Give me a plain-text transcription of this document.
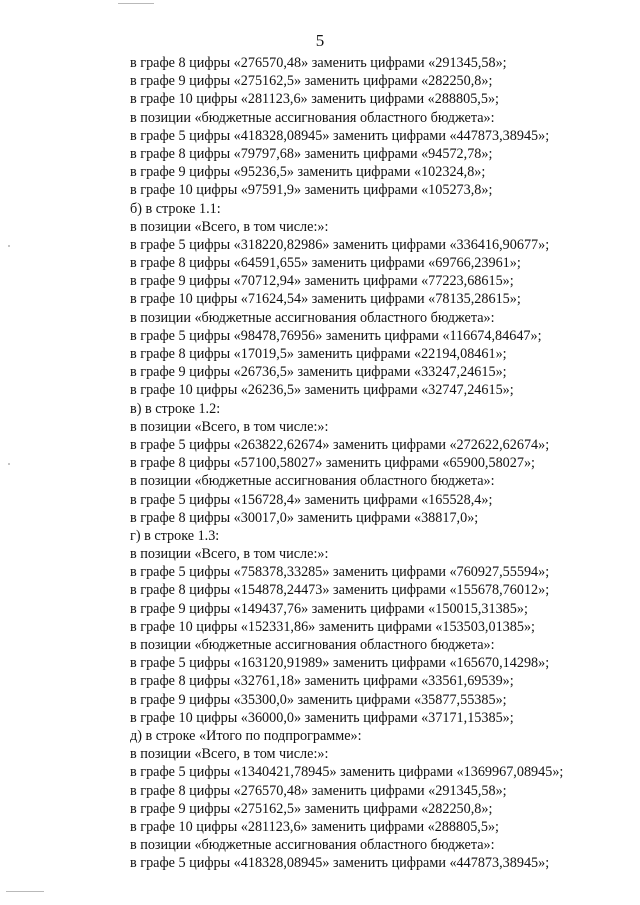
5
в графе 8 цифры «276570,48» заменить цифрами «291345,58»;
в графе 9 цифры «275162,5» заменить цифрами «282250,8»;
в графе 10 цифры «281123,6» заменить цифрами «288805,5»;
в позиции «бюджетные ассигнования областного бюджета»:
в графе 5 цифры «418328,08945» заменить цифрами «447873,38945»;
в графе 8 цифры «79797,68» заменить цифрами «94572,78»;
в графе 9 цифры «95236,5» заменить цифрами «102324,8»;
в графе 10 цифры «97591,9» заменить цифрами «105273,8»;
б) в строке 1.1:
в позиции «Всего, в том числе:»:
в графе 5 цифры «318220,82986» заменить цифрами «336416,90677»;
в графе 8 цифры «64591,655» заменить цифрами «69766,23961»;
в графе 9 цифры «70712,94» заменить цифрами «77223,68615»;
в графе 10 цифры «71624,54» заменить цифрами «78135,28615»;
в позиции «бюджетные ассигнования областного бюджета»:
в графе 5 цифры «98478,76956» заменить цифрами «116674,84647»;
в графе 8 цифры «17019,5» заменить цифрами «22194,08461»;
в графе 9 цифры «26736,5» заменить цифрами «33247,24615»;
в графе 10 цифры «26236,5» заменить цифрами «32747,24615»;
в) в строке 1.2:
в позиции «Всего, в том числе:»:
в графе 5 цифры «263822,62674» заменить цифрами «272622,62674»;
в графе 8 цифры «57100,58027» заменить цифрами «65900,58027»;
в позиции «бюджетные ассигнования областного бюджета»:
в графе 5 цифры «156728,4» заменить цифрами «165528,4»;
в графе 8 цифры «30017,0» заменить цифрами «38817,0»;
г) в строке 1.3:
в позиции «Всего, в том числе:»:
в графе 5 цифры «758378,33285» заменить цифрами «760927,55594»;
в графе 8 цифры «154878,24473» заменить цифрами «155678,76012»;
в графе 9 цифры «149437,76» заменить цифрами «150015,31385»;
в графе 10 цифры «152331,86» заменить цифрами «153503,01385»;
в позиции «бюджетные ассигнования областного бюджета»:
в графе 5 цифры «163120,91989» заменить цифрами «165670,14298»;
в графе 8 цифры «32761,18» заменить цифрами «33561,69539»;
в графе 9 цифры «35300,0» заменить цифрами «35877,55385»;
в графе 10 цифры «36000,0» заменить цифрами «37171,15385»;
д) в строке «Итого по подпрограмме»:
в позиции «Всего, в том числе:»:
в графе 5 цифры «1340421,78945» заменить цифрами «1369967,08945»;
в графе 8 цифры «276570,48» заменить цифрами «291345,58»;
в графе 9 цифры «275162,5» заменить цифрами «282250,8»;
в графе 10 цифры «281123,6» заменить цифрами «288805,5»;
в позиции «бюджетные ассигнования областного бюджета»:
в графе 5 цифры «418328,08945» заменить цифрами «447873,38945»;
